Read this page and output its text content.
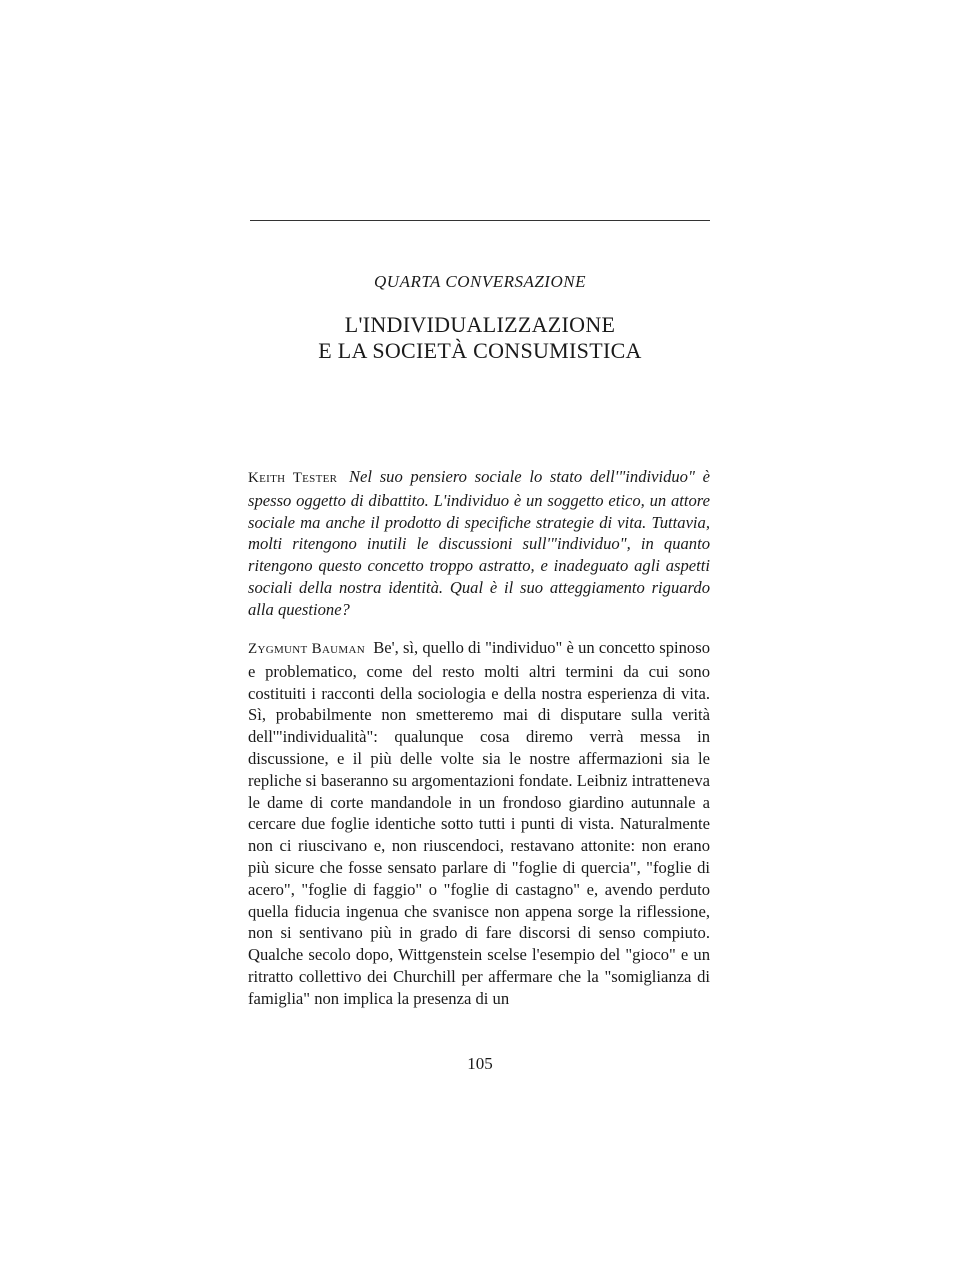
QUARTA CONVERSAZIONE
L'INDIVIDUALIZZAZIONE
E LA SOCIETÀ CONSUMISTICA
Keith Tester Nel suo pensiero sociale lo stato dell'"individuo" è spesso oggetto di dibattito. L'individuo è un soggetto etico, un attore sociale ma anche il prodotto di specifiche strategie di vita. Tuttavia, molti ritengono inutili le discussioni sull'"individuo", in quanto ritengono questo concetto troppo astratto, e inadeguato agli aspetti sociali della nostra identità. Qual è il suo atteggiamento riguardo alla questione?
Zygmunt Bauman Be', sì, quello di "individuo" è un concetto spinoso e problematico, come del resto molti altri termini da cui sono costituiti i racconti della sociologia e della nostra esperienza di vita. Sì, probabilmente non smetteremo mai di disputare sulla verità dell'"individualità": qualunque cosa diremo verrà messa in discussione, e il più delle volte sia le nostre affermazioni sia le repliche si baseranno su argomentazioni fondate. Leibniz intratteneva le dame di corte mandandole in un frondoso giardino autunnale a cercare due foglie identiche sotto tutti i punti di vista. Naturalmente non ci riuscivano e, non riuscendoci, restavano attonite: non erano più sicure che fosse sensato parlare di "foglie di quercia", "foglie di acero", "foglie di faggio" o "foglie di castagno" e, avendo perduto quella fiducia ingenua che svanisce non appena sorge la riflessione, non si sentivano più in grado di fare discorsi di senso compiuto. Qualche secolo dopo, Wittgenstein scelse l'esempio del "gioco" e un ritratto collettivo dei Churchill per affermare che la "somiglianza di famiglia" non implica la presenza di un
105
